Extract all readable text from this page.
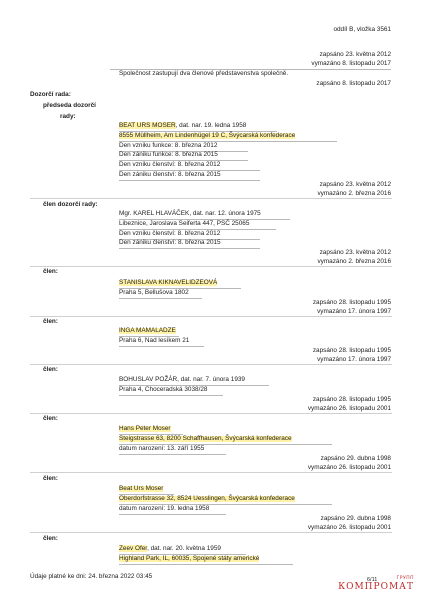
oddíl B, vložka 3561
zapsáno 23. května 2012
vymazáno 8. listopadu 2017
Společnost zastupují dva členové představenstva společně.
zapsáno 8. listopadu 2017
Dozorčí rada:
předseda dozorčí
rady:
BEAT URS MOSER, dat. nar. 19. ledna 1958
8555 Müllheim, Am Lindenhügel 19 C, Švýcarská konfederace
Den vzniku funkce: 8. března 2012
Den zániku funkce: 8. března 2015
Den vzniku členství: 8. března 2012
Den zániku členství: 8. března 2015
zapsáno 23. května 2012
vymazáno 2. března 2016
člen dozorčí rady:
Mgr. KAREL HLAVÁČEK, dat. nar. 12. února 1975
Libeznice, Jaroslava Seiferta 447, PSČ 25065
Den vzniku členství: 8. března 2012
Den zániku členství: 8. března 2015
zapsáno 23. května 2012
vymazáno 2. března 2016
člen:
STANISLAVA KIKNAVELIDZEOVÁ
Praha 5, Bellušova 1802
zapsáno 28. listopadu 1995
vymazáno 17. února 1997
člen:
INGA MAMALADZE
Praha 6, Nad lesíkem 21
zapsáno 28. listopadu 1995
vymazáno 17. února 1997
člen:
BOHUSLAV POŽÁR, dat. nar. 7. února 1939
Praha 4, Choceradská 3038/28
zapsáno 28. listopadu 1995
vymazáno 26. listopadu 2001
člen:
Hans Peter Moser
Steigstrasse 63, 8200 Schaffhausen, Švýcarská konfederace
datum narození: 13. září 1955
zapsáno 29. dubna 1998
vymazáno 26. listopadu 2001
člen:
Beat Urs Moser
Oberdorfstrasse 32, 8524 Uesslingen, Švýcarská konfederace
datum narození: 19. ledna 1958
zapsáno 29. dubna 1998
vymazáno 26. listopadu 2001
člen:
Zeev Ofer, dat. nar. 20. května 1959
Highland Park, IL, 60035, Spojené státy americké
Údaje platné ke dni: 24. března 2022 03:45	6/11	ГРУПП
КОМПРОМАТ
